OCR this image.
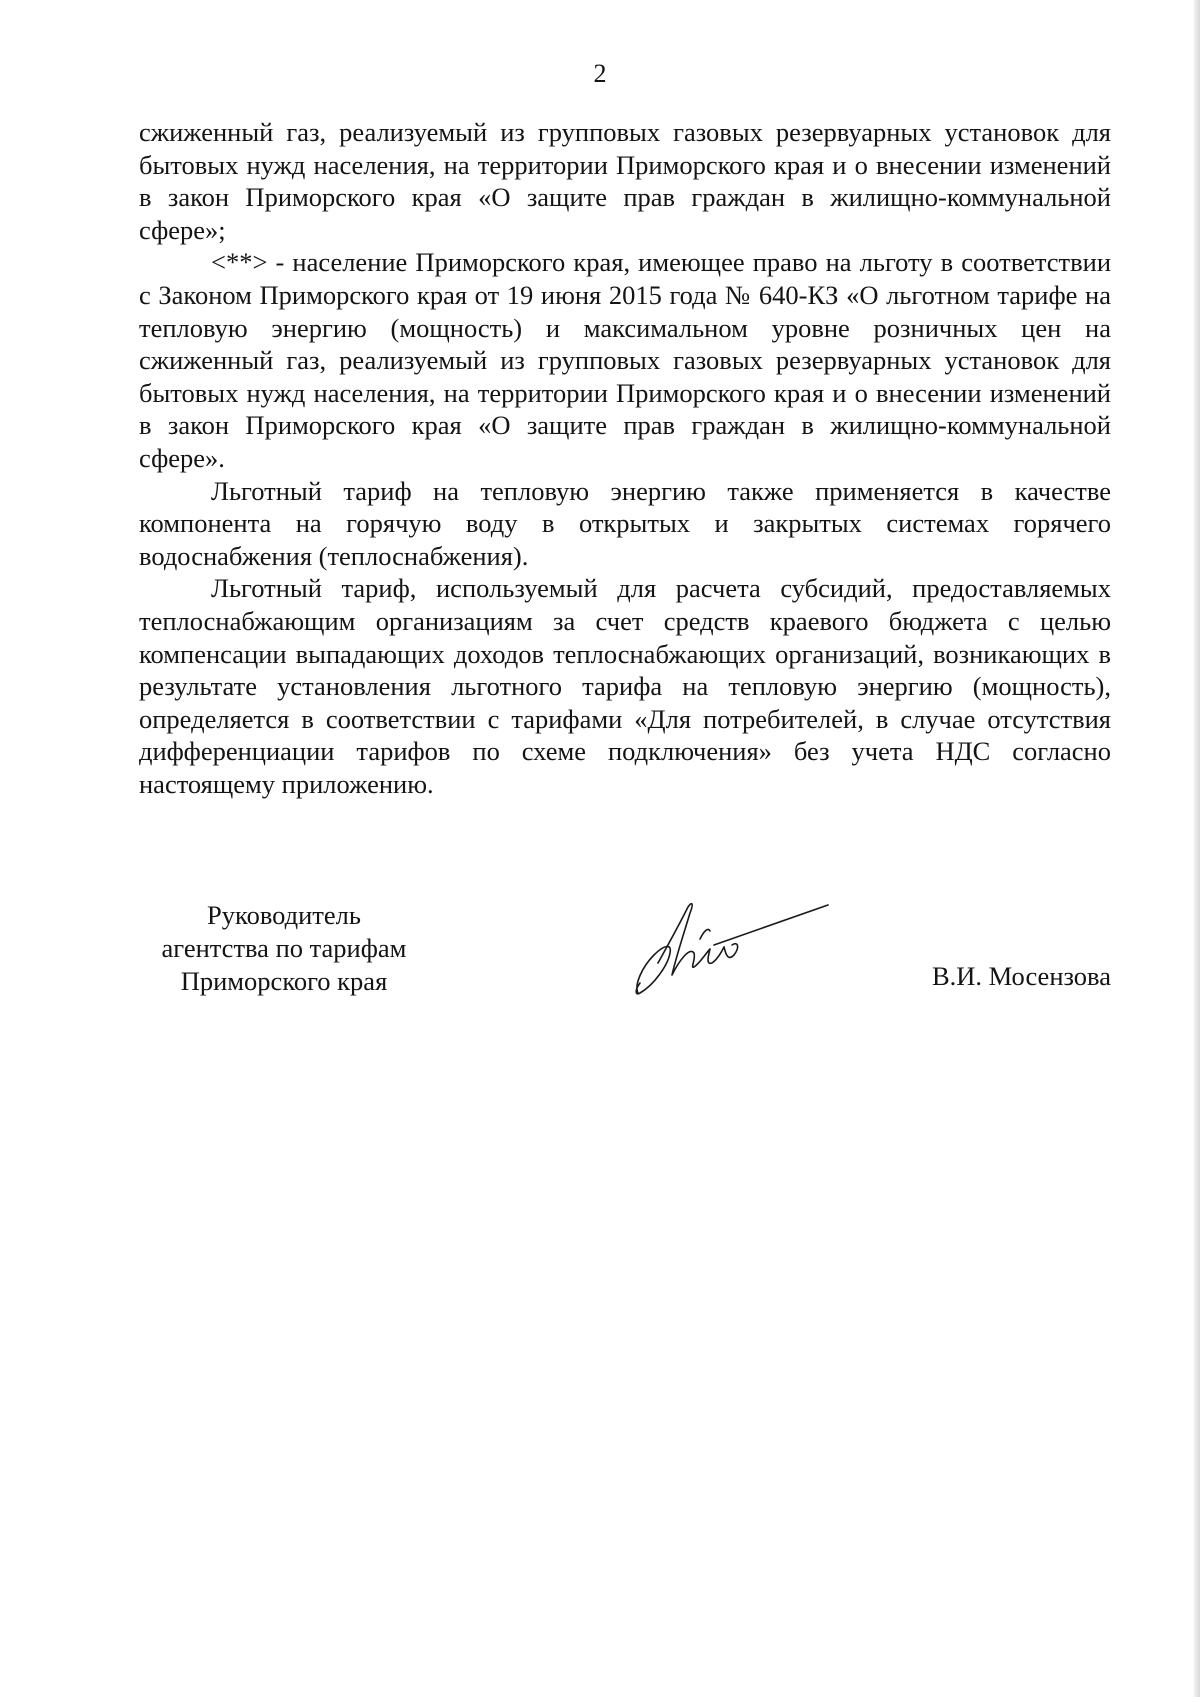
2

сжиженный газ, реализуемый из групповых газовых резервуарных установок для бытовых нужд населения, на территории Приморского края и о внесении изменений в закон Приморского края «О защите прав граждан в жилищно-коммунальной сфере»;

<**> - население Приморского края, имеющее право на льготу в соответствии с Законом Приморского края от 19 июня 2015 года № 640-КЗ «О льготном тарифе на тепловую энергию (мощность) и максимальном уровне розничных цен на сжиженный газ, реализуемый из групповых газовых резервуарных установок для бытовых нужд населения, на территории Приморского края и о внесении изменений в закон Приморского края «О защите прав граждан в жилищно-коммунальной сфере».

Льготный тариф на тепловую энергию также применяется в качестве компонента на горячую воду в открытых и закрытых системах горячего водоснабжения (теплоснабжения).

Льготный тариф, используемый для расчета субсидий, предоставляемых теплоснабжающим организациям за счет средств краевого бюджета с целью компенсации выпадающих доходов теплоснабжающих организаций, возникающих в результате установления льготного тарифа на тепловую энергию (мощность), определяется в соответствии с тарифами «Для потребителей, в случае отсутствия дифференциации тарифов по схеме подключения» без учета НДС согласно настоящему приложению.

Руководитель
агентства по тарифам
Приморского края	В.И. Мосензова
